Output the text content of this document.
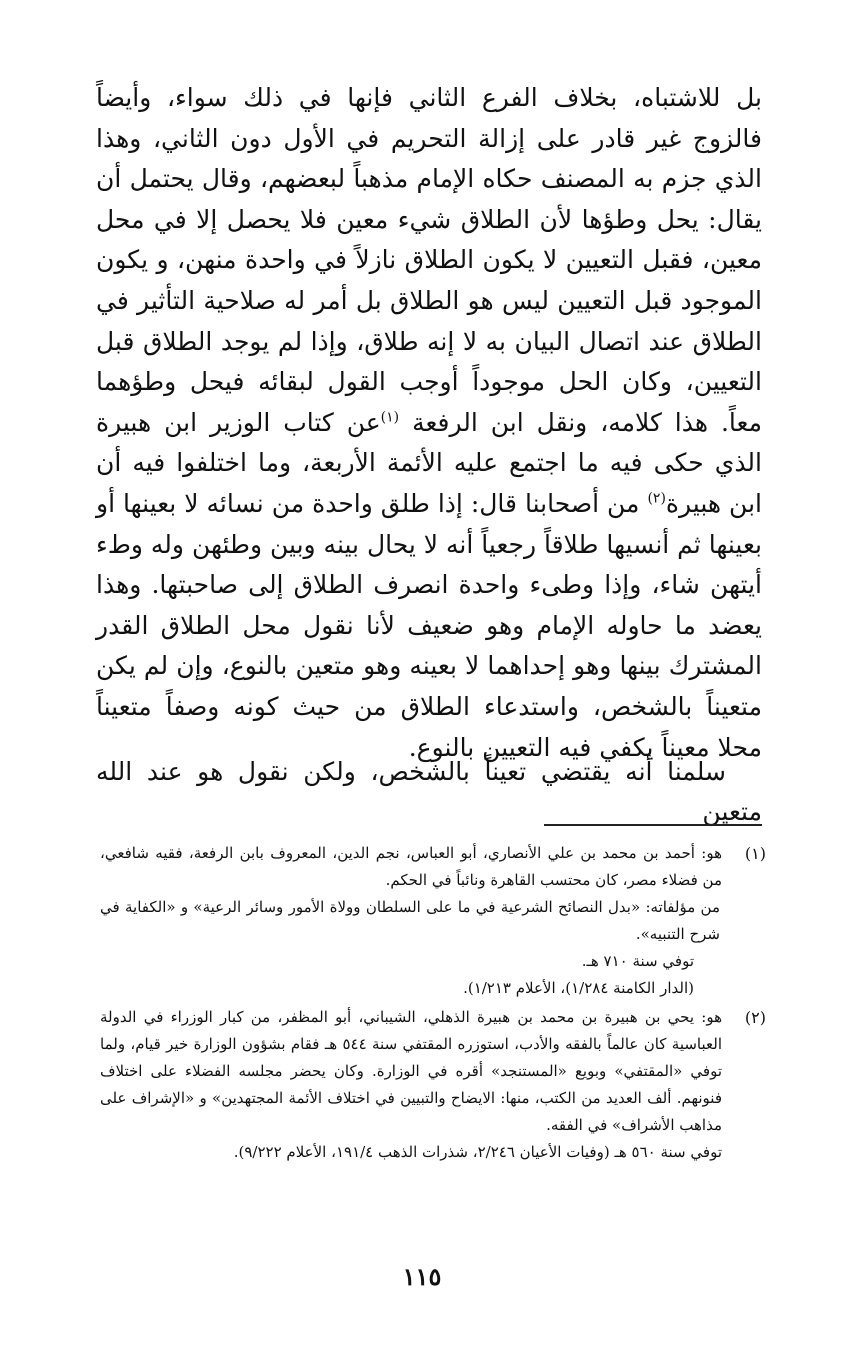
بل للاشتباه، بخلاف الفرع الثاني فإنها في ذلك سواء، وأيضاً فالزوج غير قادر على إزالة التحريم في الأول دون الثاني، وهذا الذي جزم به المصنف حكاه الإمام مذهباً لبعضهم، وقال يحتمل أن يقال: يحل وطؤها لأن الطلاق شيء معين فلا يحصل إلا في محل معين، فقبل التعيين لا يكون الطلاق نازلاً في واحدة منهن، و يكون الموجود قبل التعيين ليس هو الطلاق بل أمر له صلاحية التأثير في الطلاق عند اتصال البيان به لا إنه طلاق، وإذا لم يوجد الطلاق قبل التعيين، وكان الحل موجوداً أوجب القول لبقائه فيحل وطؤهما معاً. هذا كلامه، ونقل ابن الرفعة $^{(١)}$عن كتاب الوزير ابن هبيرة الذي حكى فيه ما اجتمع عليه الأئمة الأربعة، وما اختلفوا فيه أن ابن هبيرة$^{(٢)}$ من أصحابنا قال: إذا طلق واحدة من نسائه لا بعينها أو بعينها ثم أنسيها طلاقاً رجعياً أنه لا يحال بينه وبين وطئهن وله وطء أيتهن شاء، وإذا وطىء واحدة انصرف الطلاق إلى صاحبتها. وهذا يعضد ما حاوله الإمام وهو ضعيف لأنا نقول محل الطلاق القدر المشترك بينها وهو إحداهما لا بعينه وهو متعين بالنوع، وإن لم يكن متعيناً بالشخص، واستدعاء الطلاق من حيث كونه وصفاً متعيناً محلا معيناً يكفي فيه التعيين بالنوع.

سلمنا أنه يقتضي تعيناً بالشخص، ولكن نقول هو عند الله متعين

(١)

هو: أحمد بن محمد بن علي الأنصاري، أبو العباس، نجم الدين، المعروف بابن الرفعة، فقيه شافعي، من فضلاء مصر، كان محتسب القاهرة ونائباً في الحكم.

من مؤلفاته: «بدل النصائح الشرعية في ما على السلطان وولاة الأمور وسائر الرعية» و «الكفاية في شرح التنبيه».

توفي سنة ٧١٠ هـ.

(الدار الكامنة ١/٢٨٤)، الأعلام ١/٢١٣).

(٢)

هو: يحي بن هبيرة بن محمد بن هبيرة الذهلي، الشيباني، أبو المظفر، من كبار الوزراء في الدولة العباسية كان عالماً بالفقه والأدب، استوزره المقتفي سنة ٥٤٤ هـ فقام بشؤون الوزارة خير قيام، ولما توفي «المقتفي» وبويع «المستنجد» أقره في الوزارة. وكان يحضر مجلسه الفضلاء على اختلاف فنونهم. ألف العديد من الكتب، منها: الايضاح والتبيين في اختلاف الأئمة المجتهدين» و «الإشراف على مذاهب الأشراف» في الفقه.

توفي سنة ٥٦٠ هـ (وفيات الأعيان ٢/٢٤٦، شذرات الذهب ١٩١/٤، الأعلام ٩/٢٢٢).

١١٥
